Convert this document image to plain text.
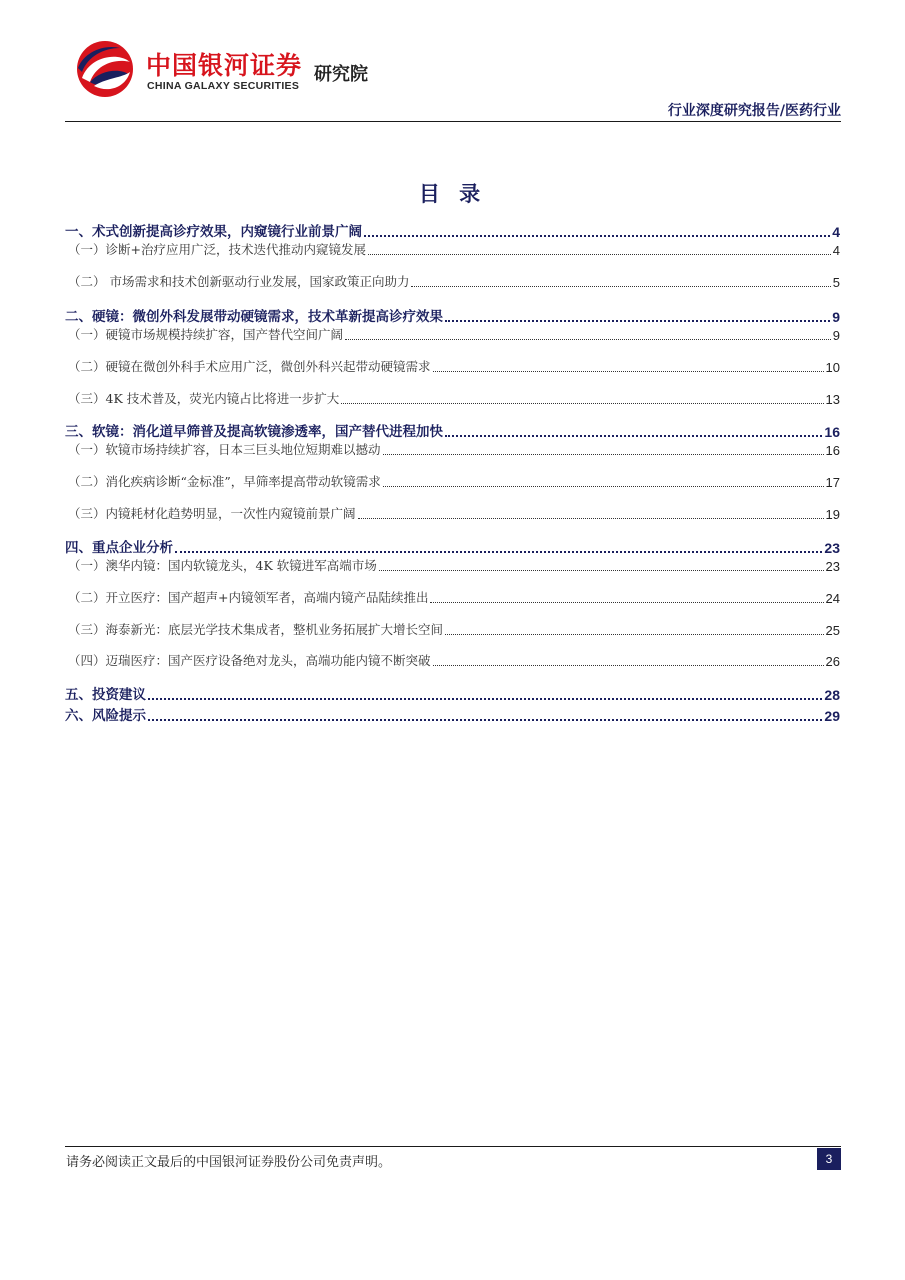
中国银河证券
CHINA GALAXY SECURITIES
研究院
行业深度研究报告/医药行业
目 录
一、术式创新提高诊疗效果，内窥镜行业前景广阔	4
（一）诊断+治疗应用广泛，技术迭代推动内窥镜发展	4
（二） 市场需求和技术创新驱动行业发展，国家政策正向助力	5
二、硬镜：微创外科发展带动硬镜需求，技术革新提高诊疗效果	9
（一）硬镜市场规模持续扩容，国产替代空间广阔	9
（二）硬镜在微创外科手术应用广泛，微创外科兴起带动硬镜需求	10
（三）4K 技术普及，荧光内镜占比将进一步扩大	13
三、软镜：消化道早筛普及提高软镜渗透率，国产替代进程加快	16
（一）软镜市场持续扩容，日本三巨头地位短期难以撼动	16
（二）消化疾病诊断“金标准”，早筛率提高带动软镜需求	17
（三）内镜耗材化趋势明显，一次性内窥镜前景广阔	19
四、重点企业分析	23
（一）澳华内镜：国内软镜龙头，4K 软镜进军高端市场	23
（二）开立医疗：国产超声+内镜领军者，高端内镜产品陆续推出	24
（三）海泰新光：底层光学技术集成者，整机业务拓展扩大增长空间	25
（四）迈瑞医疗：国产医疗设备绝对龙头，高端功能内镜不断突破	26
五、投资建议	28
六、风险提示	29
请务必阅读正文最后的中国银河证券股份公司免责声明。	3
